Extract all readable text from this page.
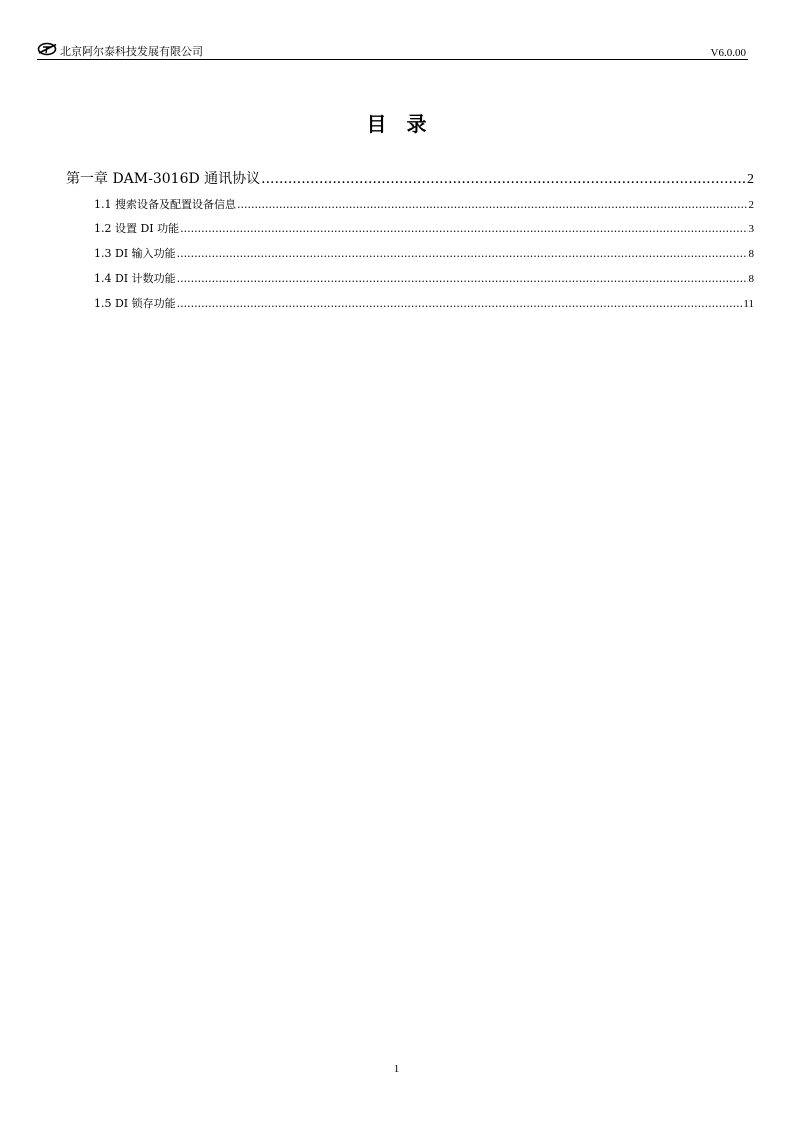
北京阿尔泰科技发展有限公司	V6.0.00
目录
第一章 DAM-3016D 通讯协议 .....	2
1.1 搜索设备及配置设备信息 .....	2
1.2 设置 DI 功能 .....	3
1.3 DI 输入功能 .....	8
1.4 DI 计数功能 .....	8
1.5 DI 锁存功能 .....	11
1
